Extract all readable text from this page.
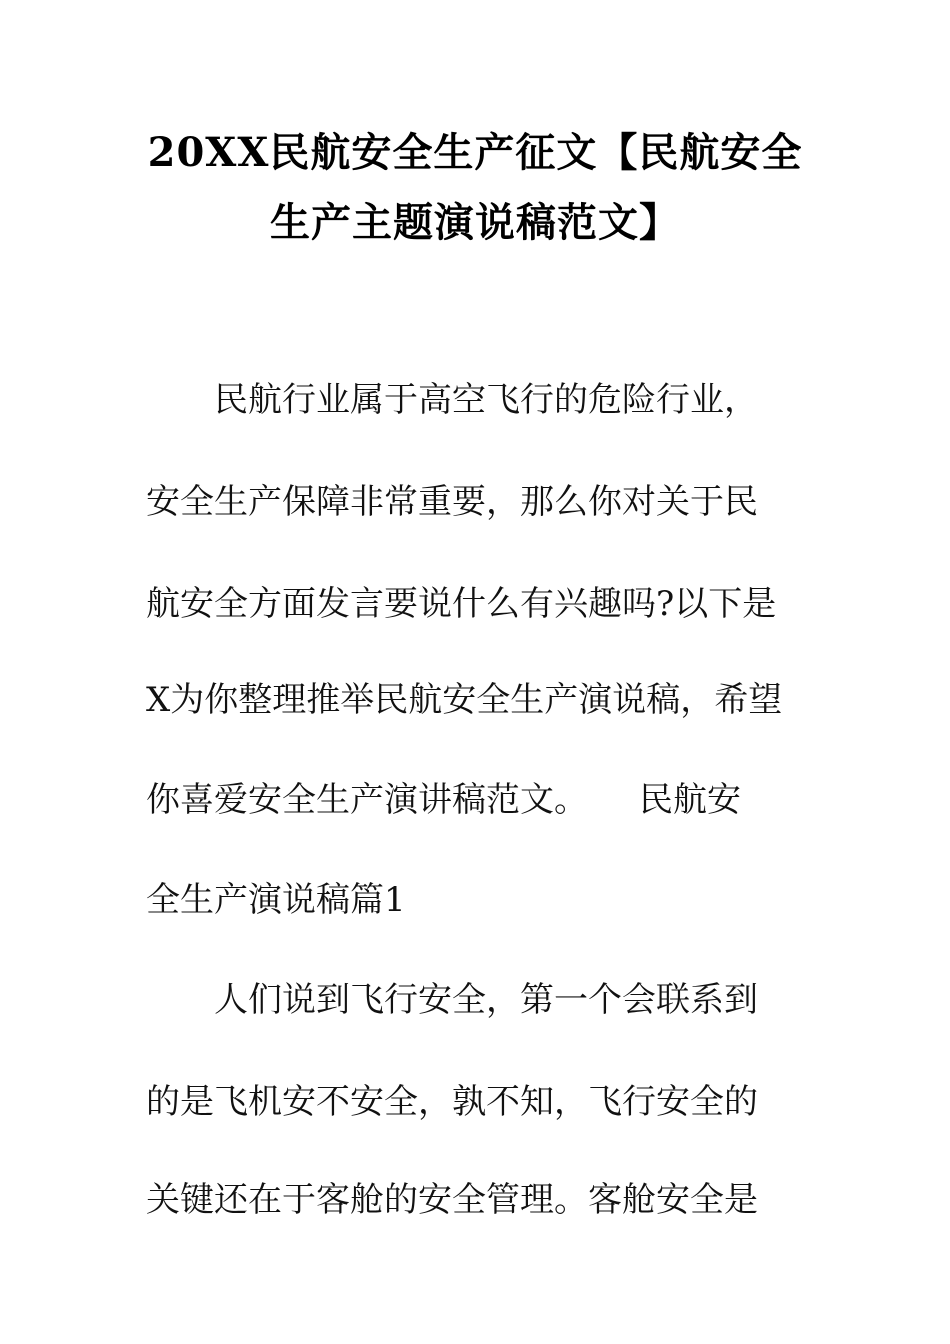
20XX民航安全生产征文【民航安全
生产主题演说稿范文】
民航行业属于高空飞行的危险行业，
安全生产保障非常重要，那么你对关于民
航安全方面发言要说什么有兴趣吗?以下是
X为你整理推举民航安全生产演说稿，希望
你喜爱安全生产演讲稿范文。　　民航安
全生产演说稿篇1
人们说到飞行安全，第一个会联系到
的是飞机安不安全，孰不知，飞行安全的
关键还在于客舱的安全管理。客舱安全是
